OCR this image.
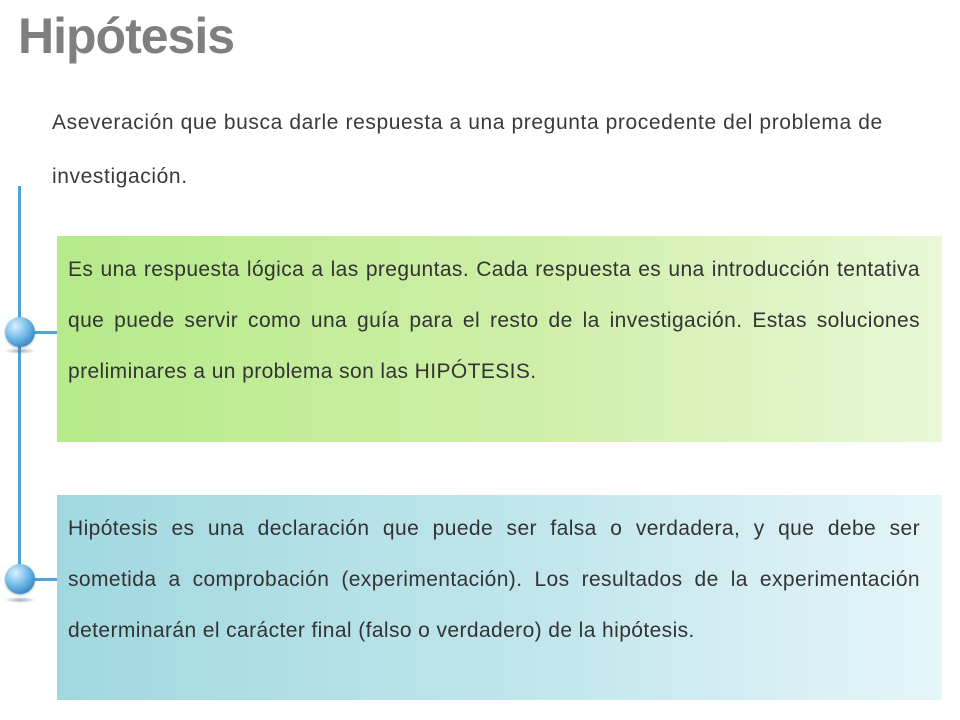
Hipótesis

Aseveración que busca darle respuesta a una pregunta procedente del problema de investigación.

Es una respuesta lógica a las preguntas. Cada respuesta es una introducción tentativa que puede servir como una guía para el resto de la investigación. Estas soluciones preliminares a un problema son las HIPÓTESIS.

Hipótesis es una declaración que puede ser falsa o verdadera, y que debe ser sometida a comprobación (experimentación). Los resultados de la experimentación determinarán el carácter final (falso o verdadero) de la hipótesis.
